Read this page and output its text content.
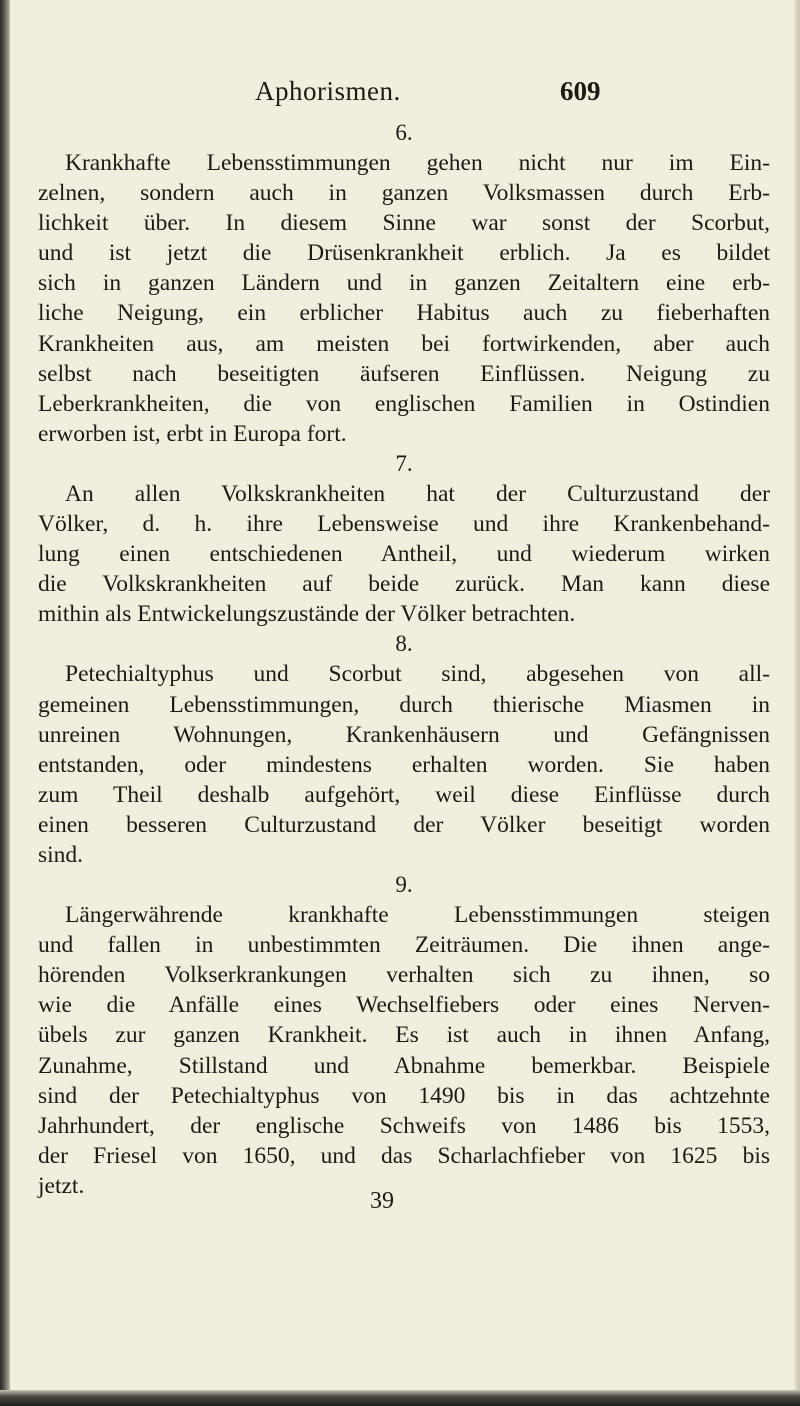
Aphorismen.	609
6.
Krankhafte Lebensstimmungen gehen nicht nur im Ein-
zelnen, sondern auch in ganzen Volksmassen durch Erb-
lichkeit über. In diesem Sinne war sonst der Scorbut,
und ist jetzt die Drüsenkrankheit erblich. Ja es bildet
sich in ganzen Ländern und in ganzen Zeitaltern eine erb-
liche Neigung, ein erblicher Habitus auch zu fieberhaften
Krankheiten aus, am meisten bei fortwirkenden, aber auch
selbst nach beseitigten äufseren Einflüssen. Neigung zu
Leberkrankheiten, die von englischen Familien in Ostindien
erworben ist, erbt in Europa fort.
7.
An allen Volkskrankheiten hat der Culturzustand der
Völker, d. h. ihre Lebensweise und ihre Krankenbehand-
lung einen entschiedenen Antheil, und wiederum wirken
die Volkskrankheiten auf beide zurück. Man kann diese
mithin als Entwickelungszustände der Völker betrachten.
8.
Petechialtyphus und Scorbut sind, abgesehen von all-
gemeinen Lebensstimmungen, durch thierische Miasmen in
unreinen Wohnungen, Krankenhäusern und Gefängnissen
entstanden, oder mindestens erhalten worden. Sie haben
zum Theil deshalb aufgehört, weil diese Einflüsse durch
einen besseren Culturzustand der Völker beseitigt worden
sind.
9.
Längerwährende krankhafte Lebensstimmungen steigen
und fallen in unbestimmten Zeiträumen. Die ihnen ange-
hörenden Volkserkrankungen verhalten sich zu ihnen, so
wie die Anfälle eines Wechselfiebers oder eines Nerven-
übels zur ganzen Krankheit. Es ist auch in ihnen Anfang,
Zunahme, Stillstand und Abnahme bemerkbar. Beispiele
sind der Petechialtyphus von 1490 bis in das achtzehnte
Jahrhundert, der englische Schweifs von 1486 bis 1553,
der Friesel von 1650, und das Scharlachfieber von 1625 bis
jetzt.
39
